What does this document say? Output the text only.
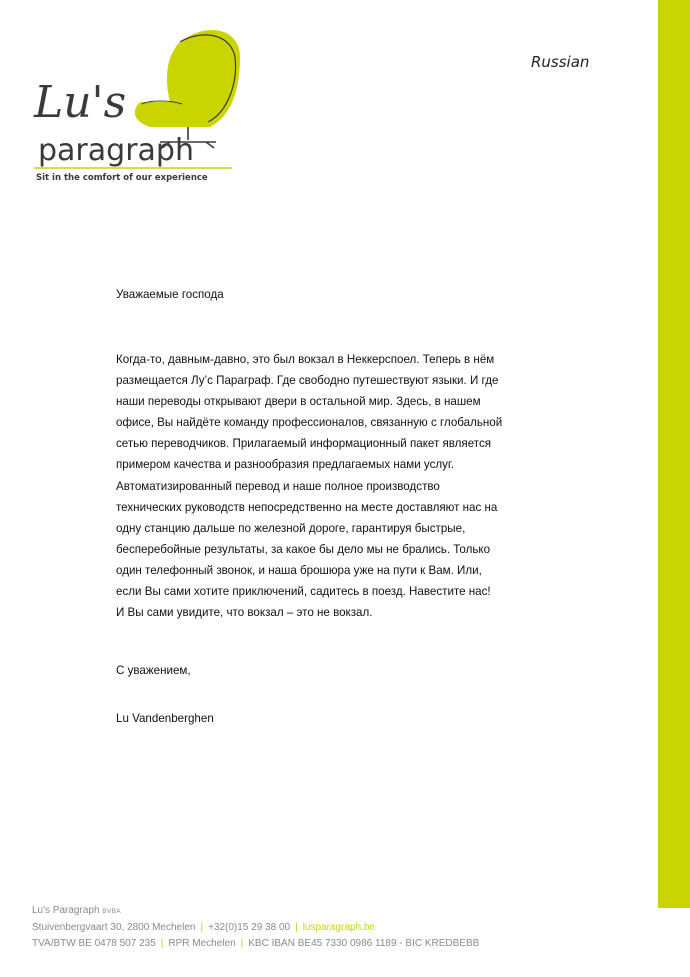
Lu's
paragraph
Sit in the comfort of our experience
Russian
Уважаемые господа
Когда-то, давным-давно, это был вокзал в Неккерспоел. Теперь в нём
размещается Лу’с Параграф. Где свободно путешествуют языки. И где
наши переводы открывают двери в остальной мир. Здесь, в нашем
офисе, Вы найдёте команду профессионалов, связанную с глобальной
сетью переводчиков. Прилагаемый информационный пакет является
примером качества и разнообразия предлагаемых нами услуг.
Автоматизированный перевод и наше полное производство
технических руководств непосредственно на месте доставляют нас на
одну станцию дальше по железной дороге, гарантируя быстрые,
бесперебойные результаты, за какое бы дело мы не брались. Только
один телефонный звонок, и наша брошюра уже на пути к Вам. Или,
если Вы сами хотите приключений, садитесь в поезд. Навестите нас!
И Вы сами увидите, что вокзал – это не вокзал.
С уважением,
Lu Vandenberghen
Lu's Paragraph BVBA
Stuivenbergvaart 30, 2800 Mechelen | +32(0)15 29 38 00 | lusparagraph.be
TVA/BTW BE 0478 507 235 | RPR Mechelen | KBC IBAN BE45 7330 0986 1189 - BIC KREDBEBB
